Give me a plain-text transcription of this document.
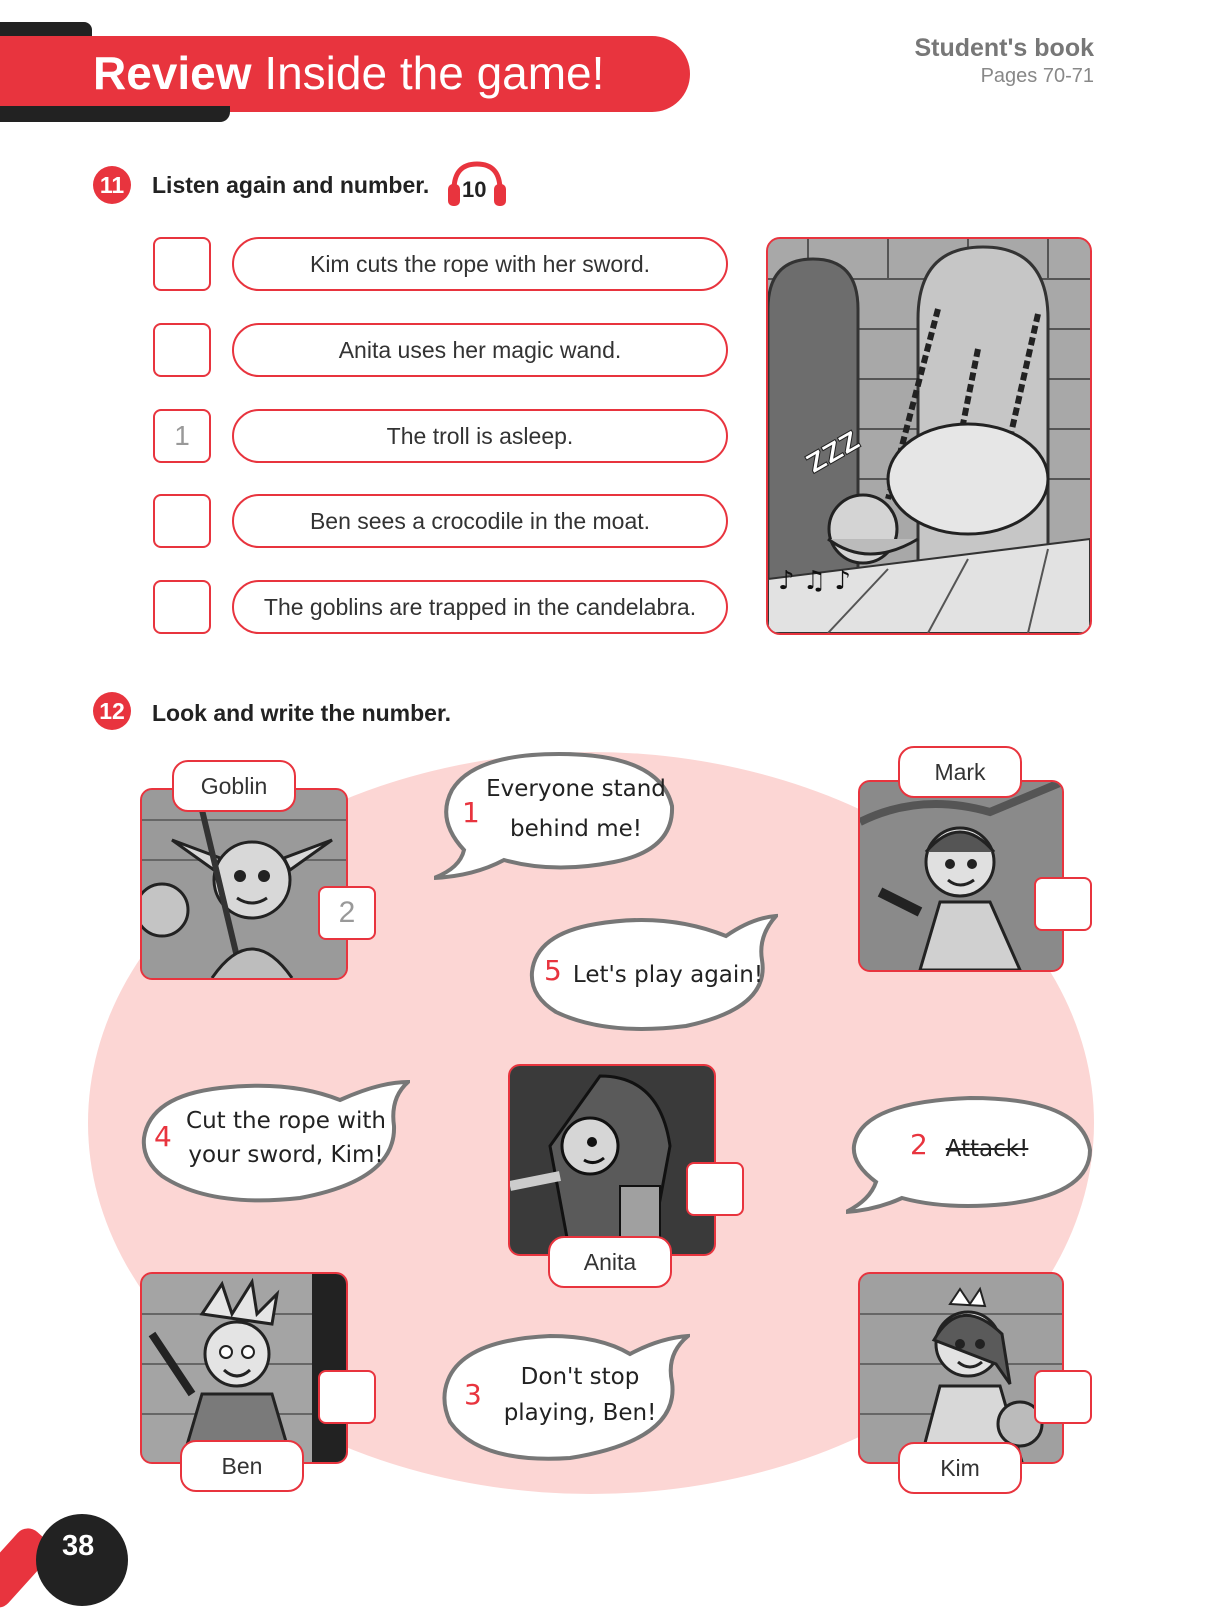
Review Inside the game!	Student's book
Pages 70-71
11 Listen again and number. 10
Kim cuts the rope with her sword.
Anita uses her magic wand.
1	The troll is asleep.
Ben sees a crocodile in the moat.
The goblins are trapped in the candelabra.
ZZZ
♪ ♫ ♪
12 Look and write the number.
Goblin
2
Mark
Anita
Ben	Kim
1
Everyone stand
behind me!
5 Let's play again!
4 Cut the rope with
your sword, Kim!	2 Attack!
3
Don't stop
playing, Ben!
38
